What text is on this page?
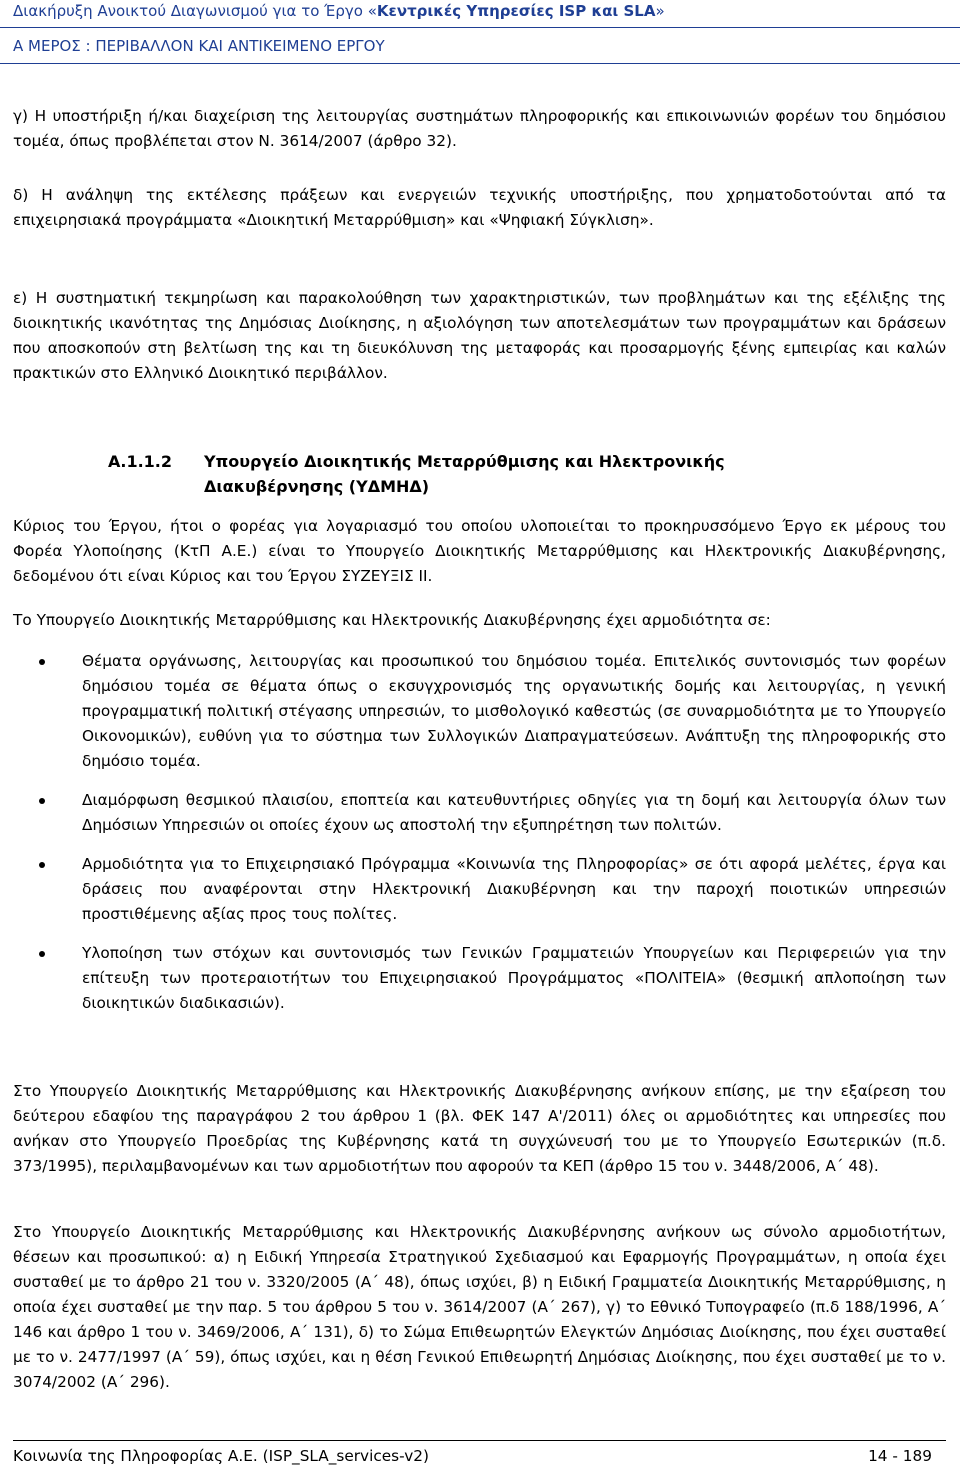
Διακήρυξη Ανοικτού Διαγωνισμού για το Έργο «Κεντρικές Υπηρεσίες ISP και SLA»
Α ΜΕΡΟΣ : ΠΕΡΙΒΑΛΛΟΝ ΚΑΙ ΑΝΤΙΚΕΙΜΕΝΟ ΕΡΓΟΥ

γ) Η υποστήριξη ή/και διαχείριση της λειτουργίας συστημάτων πληροφορικής και επικοινωνιών φορέων του δημόσιου τομέα, όπως προβλέπεται στον Ν. 3614/2007 (άρθρο 32).

δ) Η ανάληψη της εκτέλεσης πράξεων και ενεργειών τεχνικής υποστήριξης, που χρηματοδοτούνται από τα επιχειρησιακά προγράμματα «Διοικητική Μεταρρύθμιση» και «Ψηφιακή Σύγκλιση».

ε) Η συστηματική τεκμηρίωση και παρακολούθηση των χαρακτηριστικών, των προβλημάτων και της εξέλιξης της διοικητικής ικανότητας της Δημόσιας Διοίκησης, η αξιολόγηση των αποτελεσμάτων των προγραμμάτων και δράσεων που αποσκοπούν στη βελτίωση της και τη διευκόλυνση της μεταφοράς και προσαρμογής ξένης εμπειρίας και καλών πρακτικών στο Ελληνικό Διοικητικό περιβάλλον.

Α.1.1.2 Υπουργείο Διοικητικής Μεταρρύθμισης και Ηλεκτρονικής
Διακυβέρνησης (ΥΔΜΗΔ)

Κύριος του Έργου, ήτοι ο φορέας για λογαριασμό του οποίου υλοποιείται το προκηρυσσόμενο Έργο εκ μέρους του Φορέα Υλοποίησης (ΚτΠ Α.Ε.) είναι το Υπουργείο Διοικητικής Μεταρρύθμισης και Ηλεκτρονικής Διακυβέρνησης, δεδομένου ότι είναι Κύριος και του Έργου ΣΥΖΕΥΞΙΣ ΙΙ.

Το Υπουργείο Διοικητικής Μεταρρύθμισης και Ηλεκτρονικής Διακυβέρνησης έχει αρμοδιότητα σε:

Θέματα οργάνωσης, λειτουργίας και προσωπικού του δημόσιου τομέα. Επιτελικός συντονισμός των φορέων δημόσιου τομέα σε θέματα όπως ο εκσυγχρονισμός της οργανωτικής δομής και λειτουργίας, η γενική προγραμματική πολιτική στέγασης υπηρεσιών, το μισθολογικό καθεστώς (σε συναρμοδιότητα με το Υπουργείο Οικονομικών), ευθύνη για το σύστημα των Συλλογικών Διαπραγματεύσεων. Ανάπτυξη της πληροφορικής στο δημόσιο τομέα.
Διαμόρφωση θεσμικού πλαισίου, εποπτεία και κατευθυντήριες οδηγίες για τη δομή και λειτουργία όλων των Δημόσιων Υπηρεσιών οι οποίες έχουν ως αποστολή την εξυπηρέτηση των πολιτών.
Αρμοδιότητα για το Επιχειρησιακό Πρόγραμμα «Κοινωνία της Πληροφορίας» σε ότι αφορά μελέτες, έργα και δράσεις που αναφέρονται στην Ηλεκτρονική Διακυβέρνηση και την παροχή ποιοτικών υπηρεσιών προστιθέμενης αξίας προς τους πολίτες.
Υλοποίηση των στόχων και συντονισμός των Γενικών Γραμματειών Υπουργείων και Περιφερειών για την επίτευξη των προτεραιοτήτων του Επιχειρησιακού Προγράμματος «ΠΟΛΙΤΕΙΑ» (θεσμική απλοποίηση των διοικητικών διαδικασιών).

Στο Υπουργείο Διοικητικής Μεταρρύθμισης και Ηλεκτρονικής Διακυβέρνησης ανήκουν επίσης, με την εξαίρεση του δεύτερου εδαφίου της παραγράφου 2 του άρθρου 1 (βλ. ΦΕΚ 147 Α'/2011) όλες οι αρμοδιότητες και υπηρεσίες που ανήκαν στο Υπουργείο Προεδρίας της Κυβέρνησης κατά τη συγχώνευσή του με το Υπουργείο Εσωτερικών (π.δ. 373/1995), περιλαμβανομένων και των αρμοδιοτήτων που αφορούν τα ΚΕΠ (άρθρο 15 του ν. 3448/2006, Α΄ 48).

Στο Υπουργείο Διοικητικής Μεταρρύθμισης και Ηλεκτρονικής Διακυβέρνησης ανήκουν ως σύνολο αρμοδιοτήτων, θέσεων και προσωπικού: α) η Ειδική Υπηρεσία Στρατηγικού Σχεδιασμού και Εφαρμογής Προγραμμάτων, η οποία έχει συσταθεί με το άρθρο 21 του ν. 3320/2005 (Α΄ 48), όπως ισχύει, β) η Ειδική Γραμματεία Διοικητικής Μεταρρύθμισης, η οποία έχει συσταθεί με την παρ. 5 του άρθρου 5 του ν. 3614/2007 (Α΄ 267), γ) το Εθνικό Τυπογραφείο (π.δ 188/1996, Α΄ 146 και άρθρο 1 του ν. 3469/2006, Α΄ 131), δ) το Σώμα Επιθεωρητών Ελεγκτών Δημόσιας Διοίκησης, που έχει συσταθεί με το ν. 2477/1997 (Α΄ 59), όπως ισχύει, και η θέση Γενικού Επιθεωρητή Δημόσιας Διοίκησης, που έχει συσταθεί με το ν. 3074/2002 (Α΄ 296).

Κοινωνία της Πληροφορίας Α.Ε. (ISP_SLA_services-v2)	14 - 189
